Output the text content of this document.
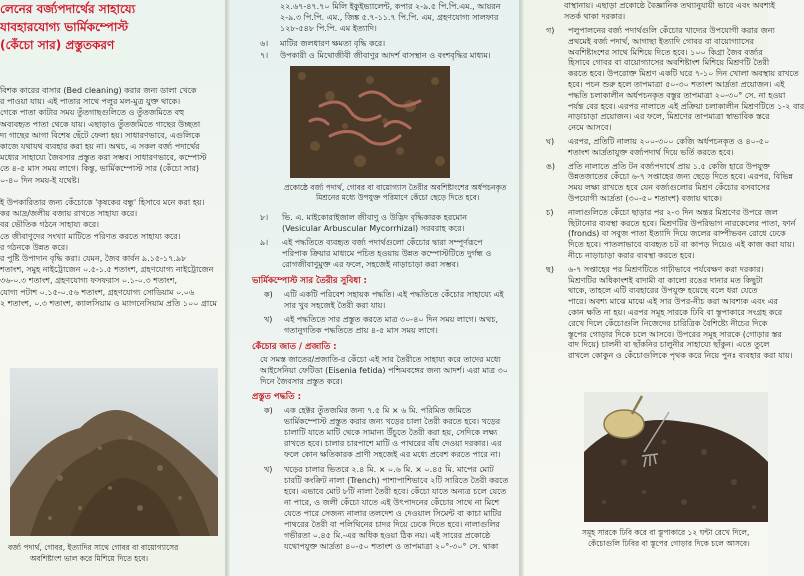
লেনের বর্জ্যপদার্থের সাহায্যে
যাবহারযোগ্য ভার্মিকম্পোস্ট
(কেঁচো সার) প্রস্তুতকরণ
বিশক কারের বাসার (Bed cleaning) করার জন্য ডালা খেকে
র পাওয়া যায়। এই পাতার সাথে পলুর মল-মুত্র যুক্ত থাকে।
গেকে পাতা কাটার সময় তুঁতগাছগুলিতে ও তুঁতজমিতে বহু
অব্যবহৃত পাতা থেকে যায়। এছাড়াও তুঁতজমিতে গাছের উচ্ছতা
দ্য গাছের আগা বিশেষ ছেঁটে ফেলা হয়। সাধারণভাবে, এগুলিকে
কাজে যথাযথ ব্যবহার করা হয় না। অথচ, এ সকল বর্জ্য পদার্থের
মধ্যের সাহায্যে জৈবসার প্রস্তুত করা সম্ভব। সাধারণভাবে, কম্পোস্ট
তে ৪-৫ মাস সময় লাগে। কিন্তু, ভার্মিকম্পোস্ট সার (কেঁচো সার)
০-৪০ দিন সময়-ই যথেষ্ট।
ই উপকারিতার জন্য কেঁচোকে 'কৃষকের বন্ধু' হিসাবে মনে করা হয়।
কর আদ্র/জলীয় বজায় রাখতে সাহায্য করে।
বর ভৌতিক গঠনে সাহায্য করে।
তে জীবাণুদের সংখ্যা মাটিতে পরিণত করতে সাহায্য করে।
র গঠনকে উন্নত করে।
র পুষ্টি উপাদান বৃদ্ধি করা। যেমন, জৈব কার্বন ৯.১৫-১৭.৯৮
শতাংশ, সমুহ নাইট্রোজেন ০.৫-১.৫ শতাংশ, গ্রহণযোগ্য নাইট্রোজেন
৩৬-০.৩ শতাংশ, গ্রহণযোগ্য ফসফরাস ০.১-০.৩ শতাংশ,
যোগ্য পটাশ ০.১৫-০.৫৬ শতাংশ, গ্রহণযোগ্য সোডিয়াম ০.০৬
২ শতাংশ, ০.৩ শতাংশ, ক্যালসিয়াম ও ম্যাগনেসিয়াম প্রতি ১০০ গ্রামে
বর্জ্য পদার্থ, গোবর, ইত্যাদির সাথে গোবর বা বায়োগ্যাসের
অবশিষ্টাংশ ভাল করে মিশিয়ে দিতে হবে।
২২.৬৭-৪৭.৭০ মিলি ইকুইভ্যালেন্ট, কপার ২-৯.৫ পি.পি.এম., আয়রন
২-৯.৩ পি.পি. এম., জিঙ্ক ৫.৭-১১.৭ পি.পি. এম, গ্রহণযোগ্য সালফার
১২৮-৫৪৮ পি.পি. এম ইত্যাদি।
৬। মাটির জলধারণ ক্ষমতা বৃদ্ধি করে।
৭। উপকারী ও মিথোজীবী জীবাণুর আদর্শ বাসস্থান ও বংশবৃদ্ধির মাধ্যম।
প্রকোষ্ঠে বর্জ্য পদার্থ, গোবর বা বায়োগ্যাস তৈরীর অবশিষ্টাংশের অর্ধপচনকৃত
মিশ্রনের মধ্যে উপযুক্ত পরিমাণে কেঁচো ছেড়ে দিতে হবে।
৮। ভি. এ. মাইকোরাইজাল জীবাণু ও উদ্ভিদ বৃদ্ধিকারক হরমোন
(Vesicular Arbuscular Mycorrhizal) সরবরাহ করে।
৯। এই পদ্ধতিতে ব্যবহৃত বর্জ্য পদার্থগুলো কেঁচোর দ্বারা সম্পূর্ণরূপে
পরিপাক ক্রিয়ার মাধ্যমে পচিত হওয়ায় উন্নত কম্পোস্টটিতে দুর্গন্ধ ও
রোগজীবাণুমুক্ত এর ফলে, সহজেই নাড়াচাড়া করা সম্ভব।
ভার্মিকম্পোস্ট সার তৈরীর সুবিধা :
ক) এটি একটি পরিবেশ সহায়ক পদ্ধতি। এই পদ্ধতিতে কেঁচোর সাহায্যে এই
সার খুব সহজেই তৈরী করা যায়।
খ) এই পদ্ধতিতে সার প্রস্তুত করতে মাত্র ৩০-৪০ দিন সময় লাগে। অথচ,
গতানুগতিক পদ্ধতিতে প্রায় ৪-৫ মাস সময় লাগে।
কেঁচোর জাত / প্রজাতি :
যে সমস্ত জাতের/প্রজাতি-র কেঁচো এই সার তৈরীতে সাহায্য করে তাদের মধ্যে
আইসেনিয়া ফেটিডা (Eisenia fetida) পশ্চিমবঙ্গের জন্য আদর্শ। এরা মাত্র ৩০
দিনে জৈবসার প্রস্তুত করে।
প্রস্তুত পদ্ধতি :
ক) এক হেক্টর তুঁতজমির জন্য ৭.৫ মি × ৬ মি. পরিমিত জমিতে
ভার্মিকম্পোস্ট প্রস্তুত করার জন্য খড়ের চালা তৈরী করতে হবে। খড়ের
চালাটি যাতে মাটি থেকে সামান্য উঁচুতে তৈরী করা হয়, সেদিকে লক্ষ্য
রাখতে হবে। চালার চারপাশে মাটি ও পাথরের বাঁধ দেওয়া দরকার। এর
ফলে কোন ক্ষতিকারক প্রাণী সহজেই এর মধ্যে প্রবেশ করতে পারে না।
খ) খড়ের চালার ভিতরে ২.৪ মি. × ০.৬ মি. × ০.৪৫ মি. মাপের মোট
চারটি কংক্রিট নালা (Trench) পাশাপাশিভাবে ২টি সারিতে তৈরী করতে
হবে। এভাবে মোট ৮টি নালা তৈরী হবে। কেঁচো যাতে অন্যত্র চলে যেতে
না পারে, ও জলী কেঁচো যাতে এই উৎপাদনের কেঁচোর সাথে না মিশে
যেতে পারে সেজন্য নালার তলদেশ ও দেওয়াল সিমেন্ট বা কাচা মাটির
পাথরের তৈরী বা পলিথিনের চাদর দিয়ে ঢেকে দিতে হবে। নালাগুলির
গভীরতা ০.৪৫ মি.-এর অধিক হওয়া ঠিক নয়। এই সারের প্রকোষ্ঠে
যথোপযুক্ত আর্দ্রতা ৪০-৫০ শতাংশ ও তাপমাত্রা ২০°-৩০° সে. থাকা
বাস্থানায়। এছাড়া প্রকোষ্ঠে বৈজ্ঞানিক তথ্যানুযায়ী ভাবে এবং অবশ্যই
সতর্ক থাকা দরকার।
গ) পলুপালনের বর্জ্য পদার্থগুলি কেঁচোর খাদ্যের উপযোগী করার জন্য
প্রথমেই বর্জ্য পদার্থ, আগাছা ইত্যাদি গোবর বা বায়োগ্যাসের
অবশিষ্টাংশের সাথে মিশিয়ে দিতে হবে। ১০০ কিগ্রা জৈব বর্জ্যর
হিসাবে গোবর বা বায়োগ্যাসের অবশিষ্টাংশ মিশিয়ে মিশ্রণটি তৈরী
করতে হবে। উপরোক্ত মিশ্রণ একটি ঘরে ৭-১০ দিন খোলা অবস্থায় রাখতে
হবে। পচন শুরু হলে তাপমাত্রা ৫০-৩০ শতাংশ আর্দ্রতা প্রয়োজন। এই
পদ্ধতি চলাকালীন অর্ধপচনকৃত বস্তুর তাপমাত্রা ২০-৩০° সে. না হওয়া
পর্যন্ত বের হবে। এরপর নালাতে এই প্রক্রিয়া চলাকালীন মিশ্রণটিতে ১-২ বার
নাড়াচাড়া প্রয়োজন। এর ফলে, মিশ্রণের তাপমাত্রা স্বাভাবিক স্তরে
নেমে আসবে।
ঘ) এরপর, প্রতিটি নালায় ২০০-৩০০ কেজি অর্ধপচনকৃত ও ৪০-৫০
শতাংশ আর্দ্রতাযুক্ত বর্জ্যপদার্থ দিয়ে ভর্তি করতে হবে।
ঙ) প্রতি নালাতে প্রতি টন বর্জ্যপদার্থে প্রায় ১.৫ কেজি হারে উপযুক্ত
উন্নতজাতের কেঁচো ৬-৭ সপ্তাহের জন্য ছেড়ে দিতে হবে। এরপর, বিভিন্ন
সময় লক্ষ্য রাখতে হবে যেন বর্জ্যগুলোর মিশ্রণ কেঁচোর বসবাসের
উপযোগী আর্দ্রতা (৩০-৫০ শতাংশ) বজায় থাকে।
চ) নালাগুলিতে কেঁচো ছাড়ার পর ২-৩ দিন অন্তর মিশ্রণের উপরে জল
ছিটানোর ব্যবস্থা করতে হবে। মিশ্রণটির উপরিভাগ নারকেলের পাতা, ফার্ন
(fronds) বা সবুজ পাতা ইত্যাদি দিয়ে জলের বাষ্পীভবন রোধে ঢেকে
দিতে হবে। পাতলাভাবে ব্যবহৃত চট বা কাপড় দিয়েও এই কাজ করা যায়।
নীচে নাড়াচাড়া করার ব্যবস্থা করতে হবে।
ছ) ৬-৭ সপ্তাহের পর মিশ্রণটিতে গাঢ়ীভাবে পর্যবেক্ষণ করা দরকার।
মিশ্রণটির অধিকাংশই বাদামী বা কালো রঙের দানার মত কিছুটা
থাকে, তাহলে এটি ব্যবহারের উপযুক্ত হয়েছে বলে ধরা যেতে
পারে। অবশ্য মাঝে মাঝে এই সার উপর-নীচ করা আবশ্যক এবং এর
কোন ক্ষতি না হয়। এরপর সমূহ সারকে ঢিবি বা স্তূপাকারে সংগ্রহ করে
রেখে দিলে কেঁচোগুলি নিজেদের চারিত্রিক বৈশিষ্ট্যে নীচের দিকে
স্তূপের গোড়ার দিকে চলে আসবে। উপরের সমূহ সারকে (গোড়ার স্তর
বাদ দিয়ে) চালনী বা ছাঁকনির চালুনীর সাহায্যে ছাঁকুন। এতে তুলে
রাখলে কোকুন ও কেঁচোগুলিকে পৃথক করে নিয়ে পুনঃ ব্যবহার করা যায়।
সমূহ সারকে ঢিবি করে বা স্তূপাকারে ১২ ঘন্টা রেখে দিলে,
কেঁচোগুলি ঢিবির বা স্তূপের গোড়ার দিকে চলে আসবে।
